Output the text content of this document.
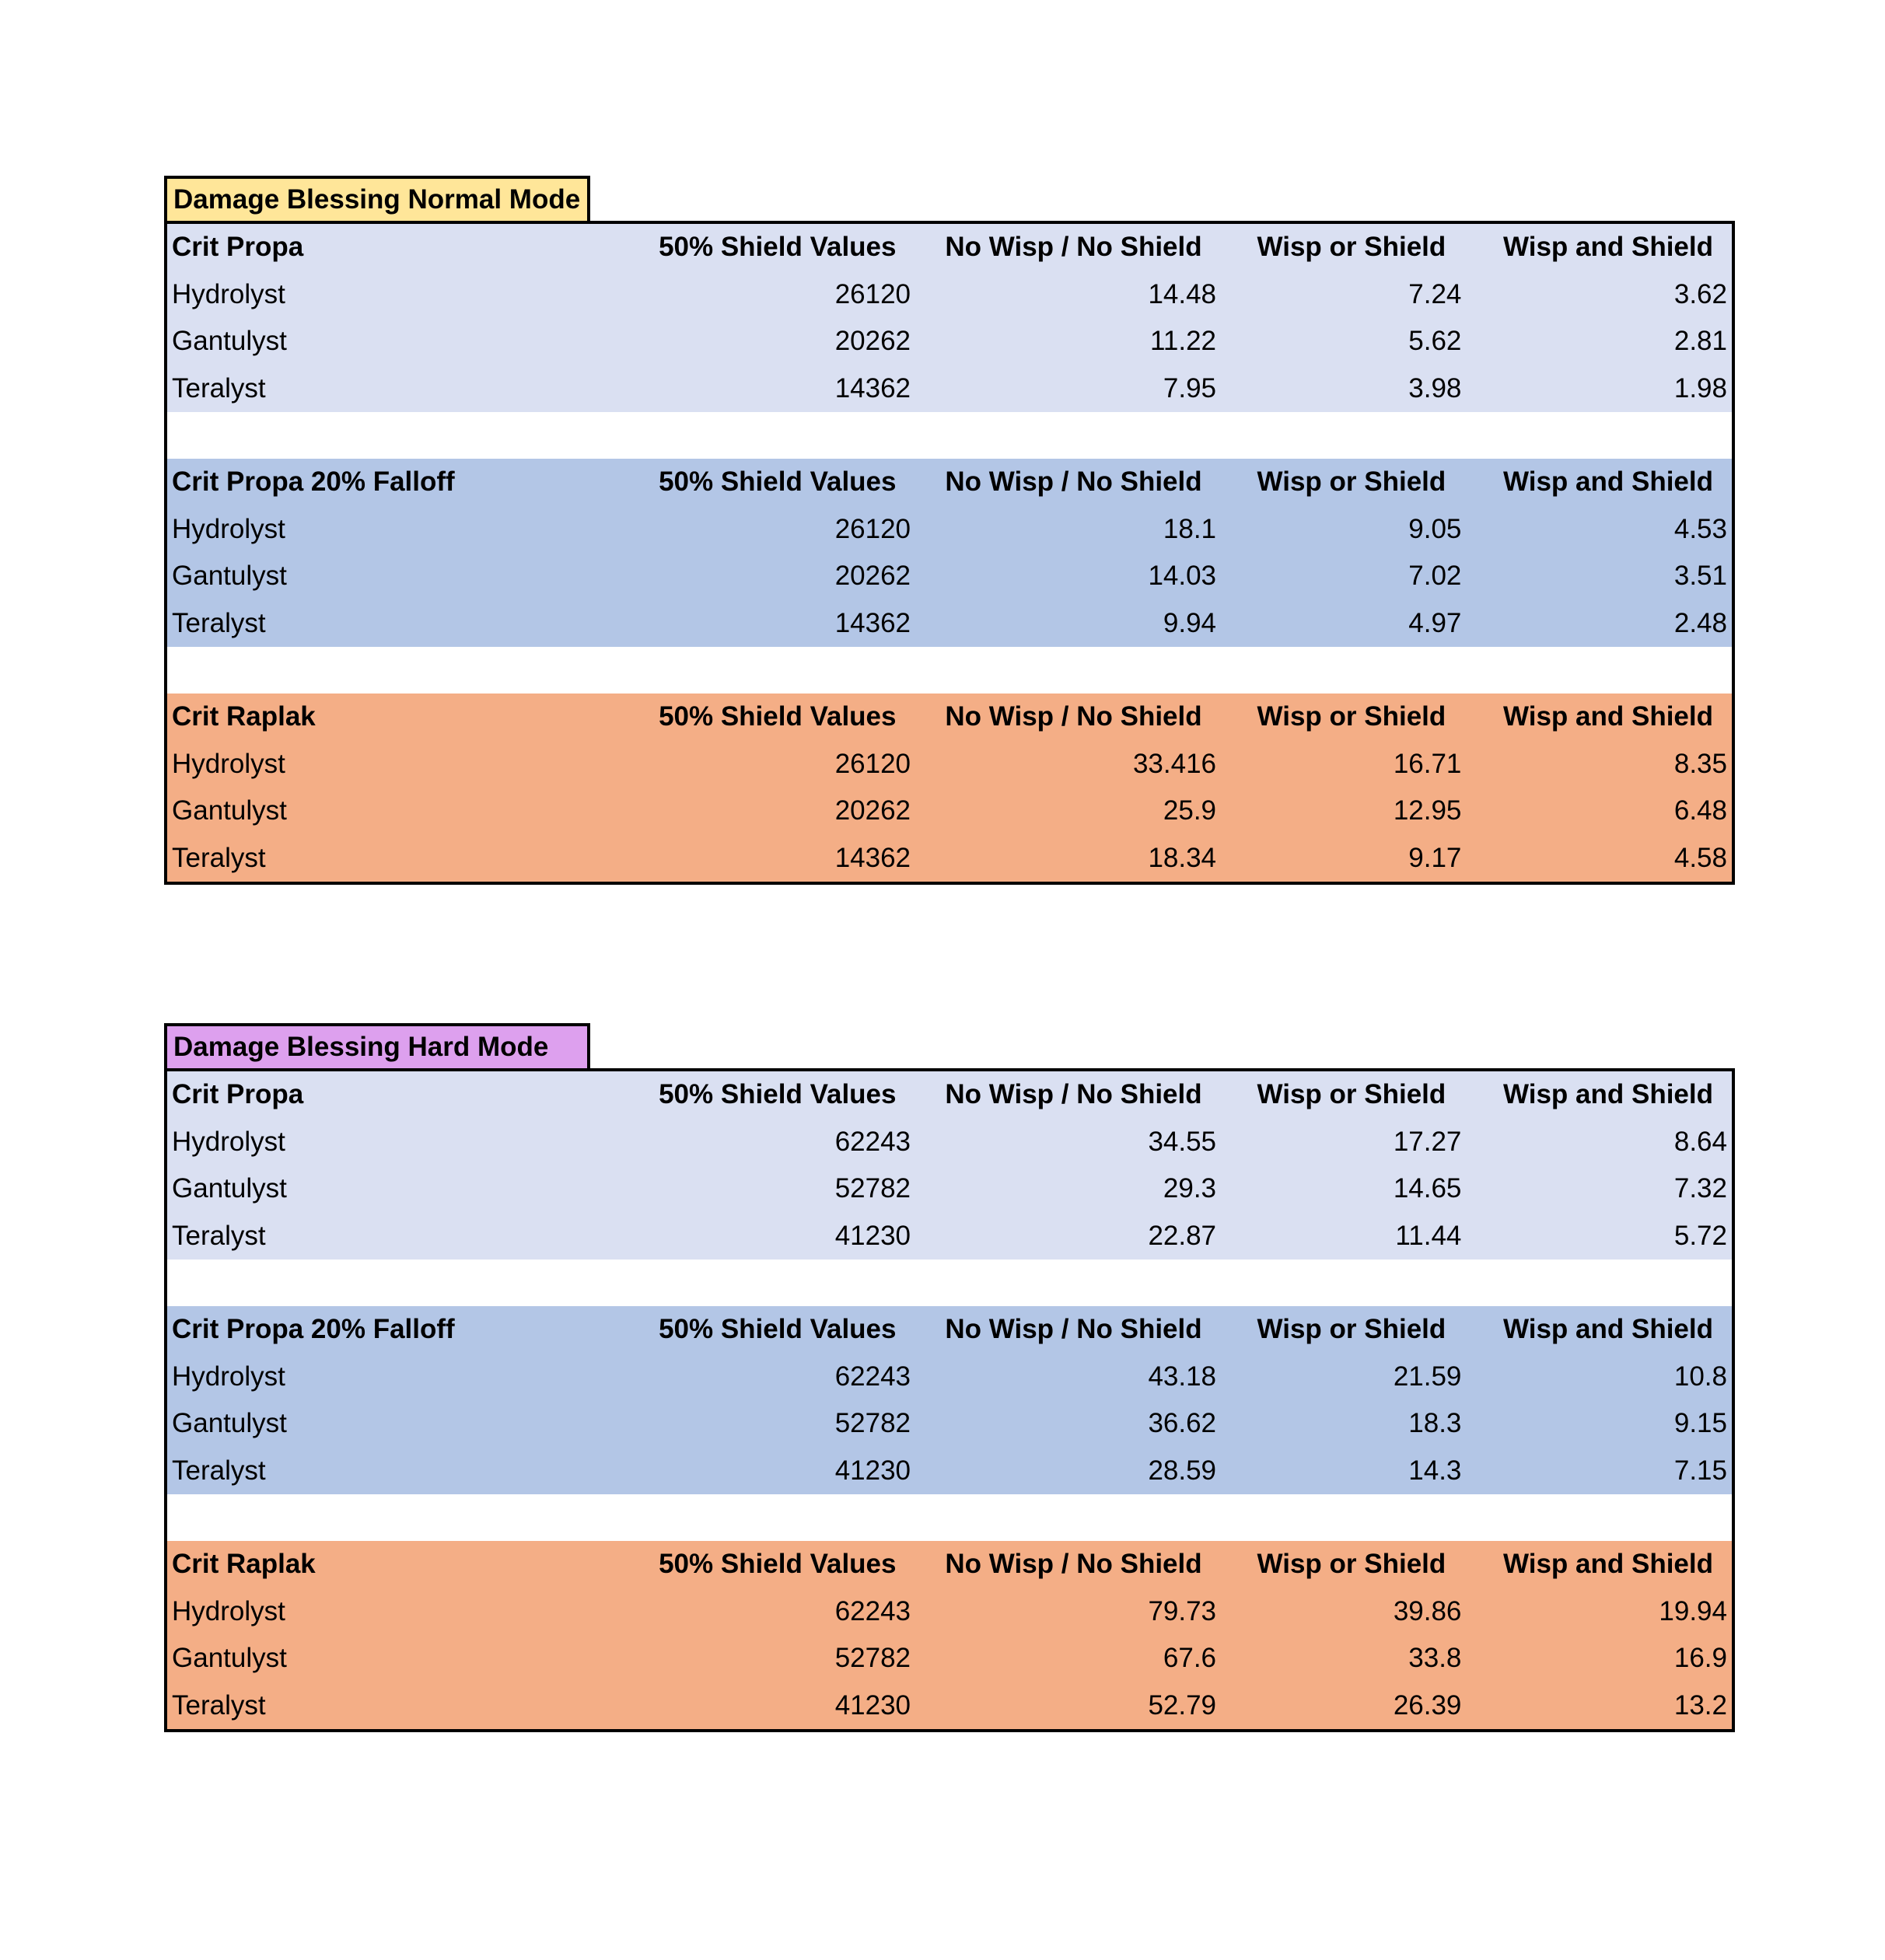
Damage Blessing Normal Mode
Crit Propa	50% Shield Values	No Wisp / No Shield	Wisp or Shield	Wisp and Shield
Hydrolyst	26120	14.48	7.24	3.62
Gantulyst	20262	11.22	5.62	2.81
Teralyst	14362	7.95	3.98	1.98
Crit Propa 20% Falloff	50% Shield Values	No Wisp / No Shield	Wisp or Shield	Wisp and Shield
Hydrolyst	26120	18.1	9.05	4.53
Gantulyst	20262	14.03	7.02	3.51
Teralyst	14362	9.94	4.97	2.48
Crit Raplak	50% Shield Values	No Wisp / No Shield	Wisp or Shield	Wisp and Shield
Hydrolyst	26120	33.416	16.71	8.35
Gantulyst	20262	25.9	12.95	6.48
Teralyst	14362	18.34	9.17	4.58
Damage Blessing Hard Mode
Crit Propa	50% Shield Values	No Wisp / No Shield	Wisp or Shield	Wisp and Shield
Hydrolyst	62243	34.55	17.27	8.64
Gantulyst	52782	29.3	14.65	7.32
Teralyst	41230	22.87	11.44	5.72
Crit Propa 20% Falloff	50% Shield Values	No Wisp / No Shield	Wisp or Shield	Wisp and Shield
Hydrolyst	62243	43.18	21.59	10.8
Gantulyst	52782	36.62	18.3	9.15
Teralyst	41230	28.59	14.3	7.15
Crit Raplak	50% Shield Values	No Wisp / No Shield	Wisp or Shield	Wisp and Shield
Hydrolyst	62243	79.73	39.86	19.94
Gantulyst	52782	67.6	33.8	16.9
Teralyst	41230	52.79	26.39	13.2
